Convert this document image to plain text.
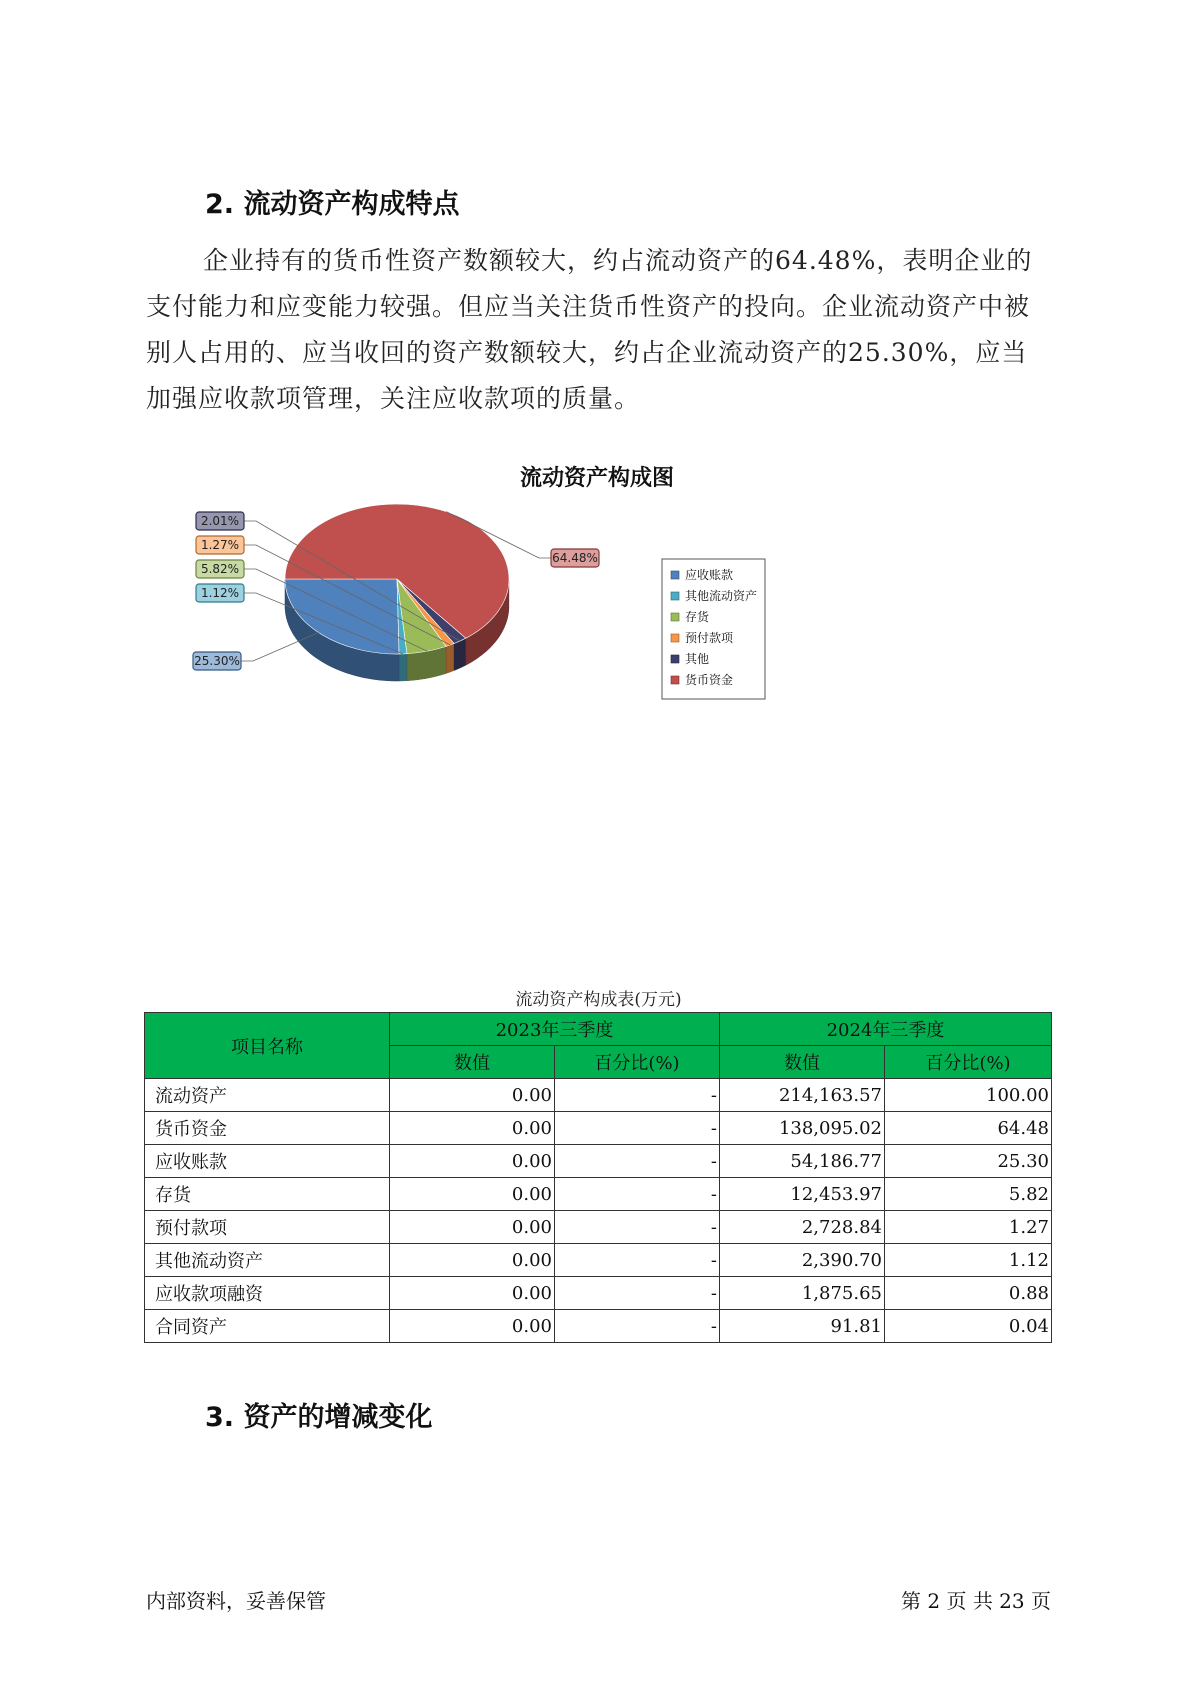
2. 流动资产构成特点
企业持有的货币性资产数额较大，约占流动资产的64.48%，表明企业的支付能力和应变能力较强。但应当关注货币性资产的投向。企业流动资产中被别人占用的、应当收回的资产数额较大，约占企业流动资产的25.30%，应当加强应收款项管理，关注应收款项的质量。
流动资产构成图
25.30%
1.12%
5.82%
1.27%
2.01%
64.48%
应收账款
其他流动资产
存货
预付款项
其他
货币资金
流动资产构成表(万元)
项目名称	2023年三季度		2024年三季度	
	数值	百分比(%)	数值	百分比(%)
流动资产	0.00	-	214,163.57	100.00
货币资金	0.00	-	138,095.02	64.48
应收账款	0.00	-	54,186.77	25.30
存货	0.00	-	12,453.97	5.82
预付款项	0.00	-	2,728.84	1.27
其他流动资产	0.00	-	2,390.70	1.12
应收款项融资	0.00	-	1,875.65	0.88
合同资产	0.00	-	91.81	0.04
3. 资产的增减变化
内部资料，妥善保管	第 2 页 共 23 页
